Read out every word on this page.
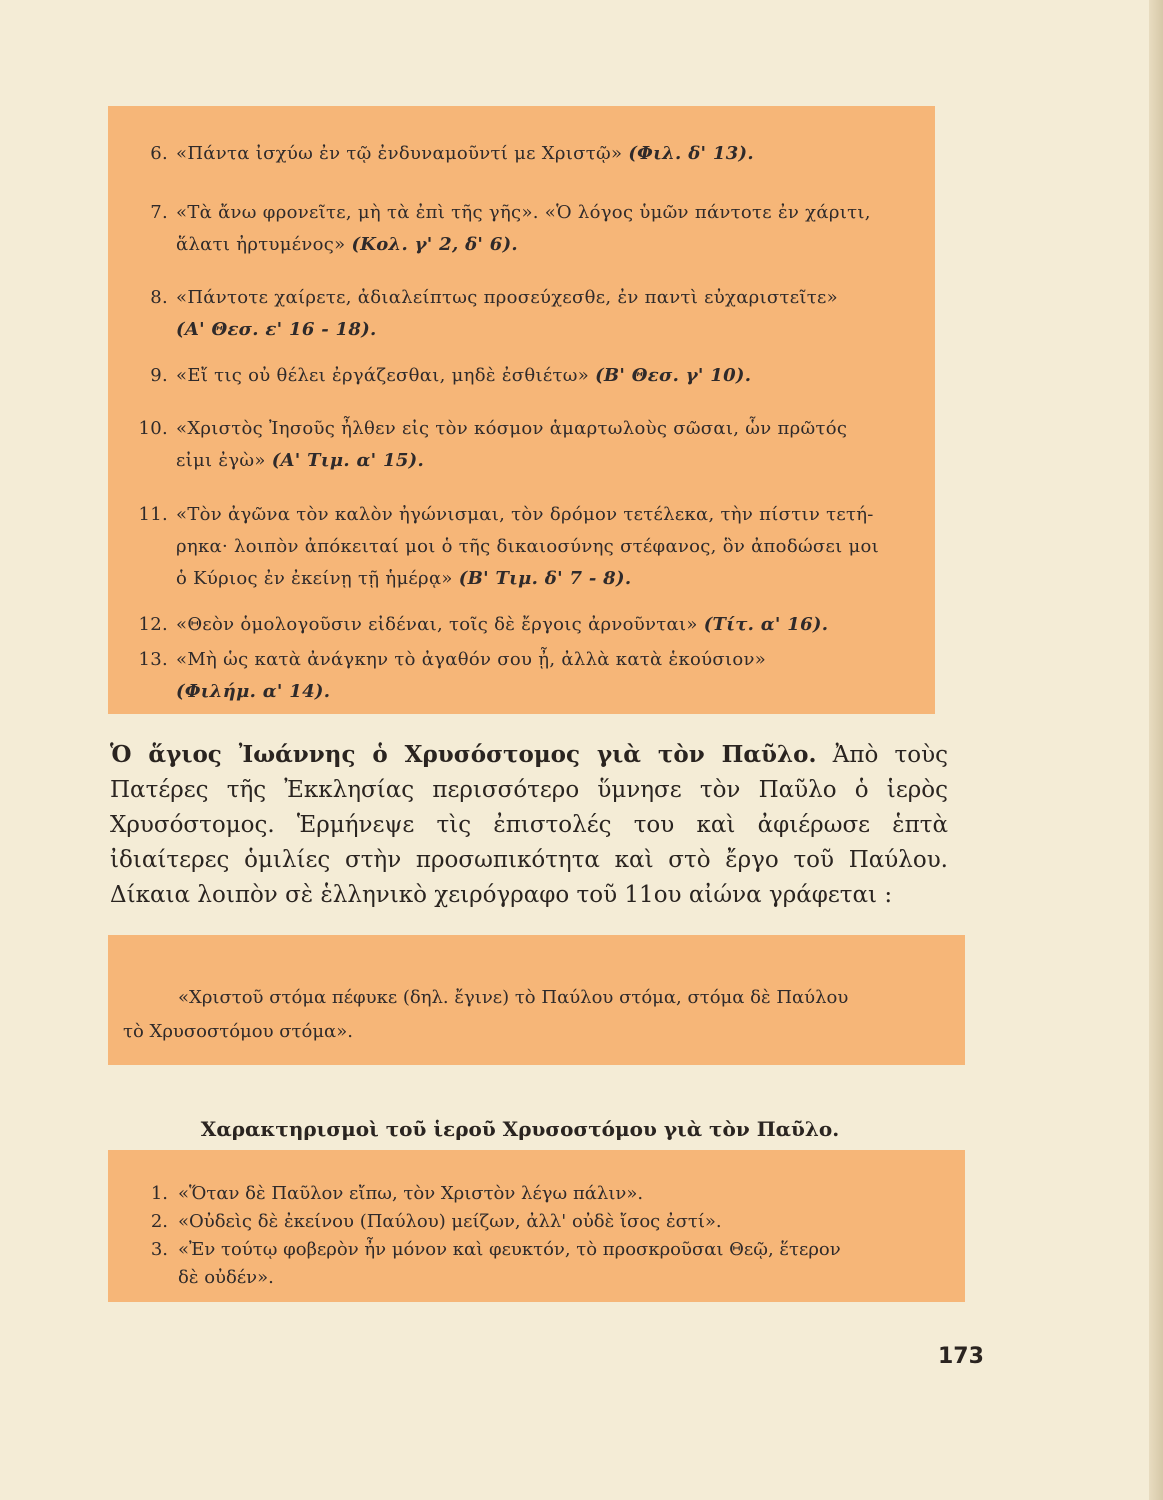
6. «Πάντα ἰσχύω ἐν τῷ ἐνδυναμοῦντί με Χριστῷ» (Φιλ. δ' 13).
7. «Τὰ ἄνω φρονεῖτε, μὴ τὰ ἐπὶ τῆς γῆς». «Ὁ λόγος ὑμῶν πάντοτε ἐν χάριτι,
ἅλατι ἠρτυμένος» (Κολ. γ' 2, δ' 6).
8. «Πάντοτε χαίρετε, ἀδιαλείπτως προσεύχεσθε, ἐν παντὶ εὐχαριστεῖτε»
(Α' Θεσ. ε' 16 - 18).
9. «Εἴ τις οὐ θέλει ἐργάζεσθαι, μηδὲ ἐσθιέτω» (Β' Θεσ. γ' 10).
10. «Χριστὸς Ἰησοῦς ἦλθεν εἰς τὸν κόσμον ἁμαρτωλοὺς σῶσαι, ὧν πρῶτός
εἰμι ἐγὼ» (Α' Τιμ. α' 15).
11. «Τὸν ἀγῶνα τὸν καλὸν ἠγώνισμαι, τὸν δρόμον τετέλεκα, τὴν πίστιν τετή-
ρηκα· λοιπὸν ἀπόκειταί μοι ὁ τῆς δικαιοσύνης στέφανος, ὃν ἀποδώσει μοι
ὁ Κύριος ἐν ἐκείνῃ τῇ ἡμέρᾳ» (Β' Τιμ. δ' 7 - 8).
12. «Θεὸν ὁμολογοῦσιν εἰδέναι, τοῖς δὲ ἔργοις ἀρνοῦνται» (Τίτ. α' 16).
13. «Μὴ ὡς κατὰ ἀνάγκην τὸ ἀγαθόν σου ᾖ, ἀλλὰ κατὰ ἑκούσιον»
(Φιλήμ. α' 14).
Ὁ ἅγιος Ἰωάννης ὁ Χρυσόστομος γιὰ τὸν Παῦλο. Ἀπὸ τοὺς Πατέρες τῆς Ἐκκλησίας περισσότερο ὕμνησε τὸν Παῦλο ὁ ἱερὸς Χρυσόστομος. Ἑρμήνεψε τὶς ἐπιστολές του καὶ ἀφιέρωσε ἑπτὰ ἰδιαίτερες ὁμιλίες στὴν προσωπικότητα καὶ στὸ ἔργο τοῦ Παύλου. Δίκαια λοιπὸν σὲ ἑλληνικὸ χειρόγραφο τοῦ 11ου αἰώνα γράφεται :
«Χριστοῦ στόμα πέφυκε (δηλ. ἔγινε) τὸ Παύλου στόμα, στόμα δὲ Παύλου
τὸ Χρυσοστόμου στόμα».
Χαρακτηρισμοὶ τοῦ ἱεροῦ Χρυσοστόμου γιὰ τὸν Παῦλο.
1. «Ὅταν δὲ Παῦλον εἴπω, τὸν Χριστὸν λέγω πάλιν».
2. «Οὐδεὶς δὲ ἐκείνου (Παύλου) μείζων, ἀλλ' οὐδὲ ἴσος ἐστί».
3. «Ἐν τούτῳ φοβερὸν ἦν μόνον καὶ φευκτόν, τὸ προσκροῦσαι Θεῷ, ἕτερον
δὲ οὐδέν».
173
